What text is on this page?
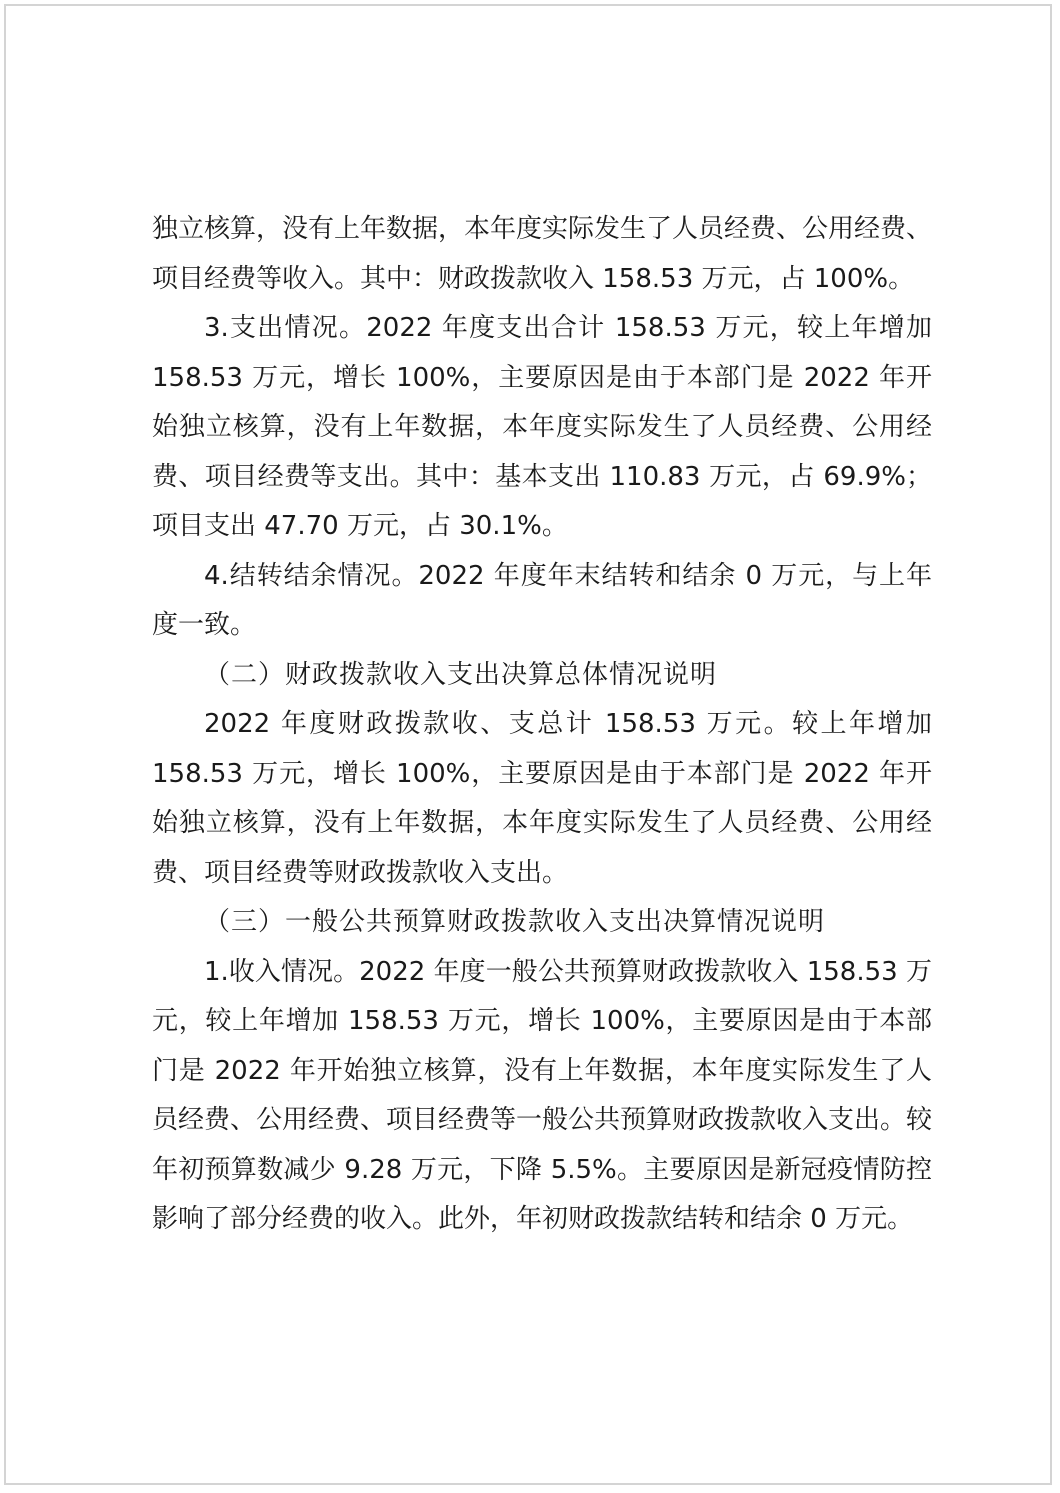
独立核算，没有上年数据，本年度实际发生了人员经费、公用经费、项目经费等收入。其中：财政拨款收入 158.53 万元，占 100%。

3.支出情况。2022 年度支出合计 158.53 万元，较上年增加 158.53 万元，增长 100%，主要原因是由于本部门是 2022 年开始独立核算，没有上年数据，本年度实际发生了人员经费、公用经费、项目经费等支出。其中：基本支出 110.83 万元，占 69.9%；项目支出 47.70 万元，占 30.1%。

4.结转结余情况。2022 年度年末结转和结余 0 万元，与上年度一致。

（二）财政拨款收入支出决算总体情况说明

2022 年度财政拨款收、支总计 158.53 万元。较上年增加 158.53 万元，增长 100%，主要原因是由于本部门是 2022 年开始独立核算，没有上年数据，本年度实际发生了人员经费、公用经费、项目经费等财政拨款收入支出。

（三）一般公共预算财政拨款收入支出决算情况说明

1.收入情况。2022 年度一般公共预算财政拨款收入 158.53 万元，较上年增加 158.53 万元，增长 100%，主要原因是由于本部门是 2022 年开始独立核算，没有上年数据，本年度实际发生了人员经费、公用经费、项目经费等一般公共预算财政拨款收入支出。较年初预算数减少 9.28 万元，下降 5.5%。主要原因是新冠疫情防控影响了部分经费的收入。此外，年初财政拨款结转和结余 0 万元。
